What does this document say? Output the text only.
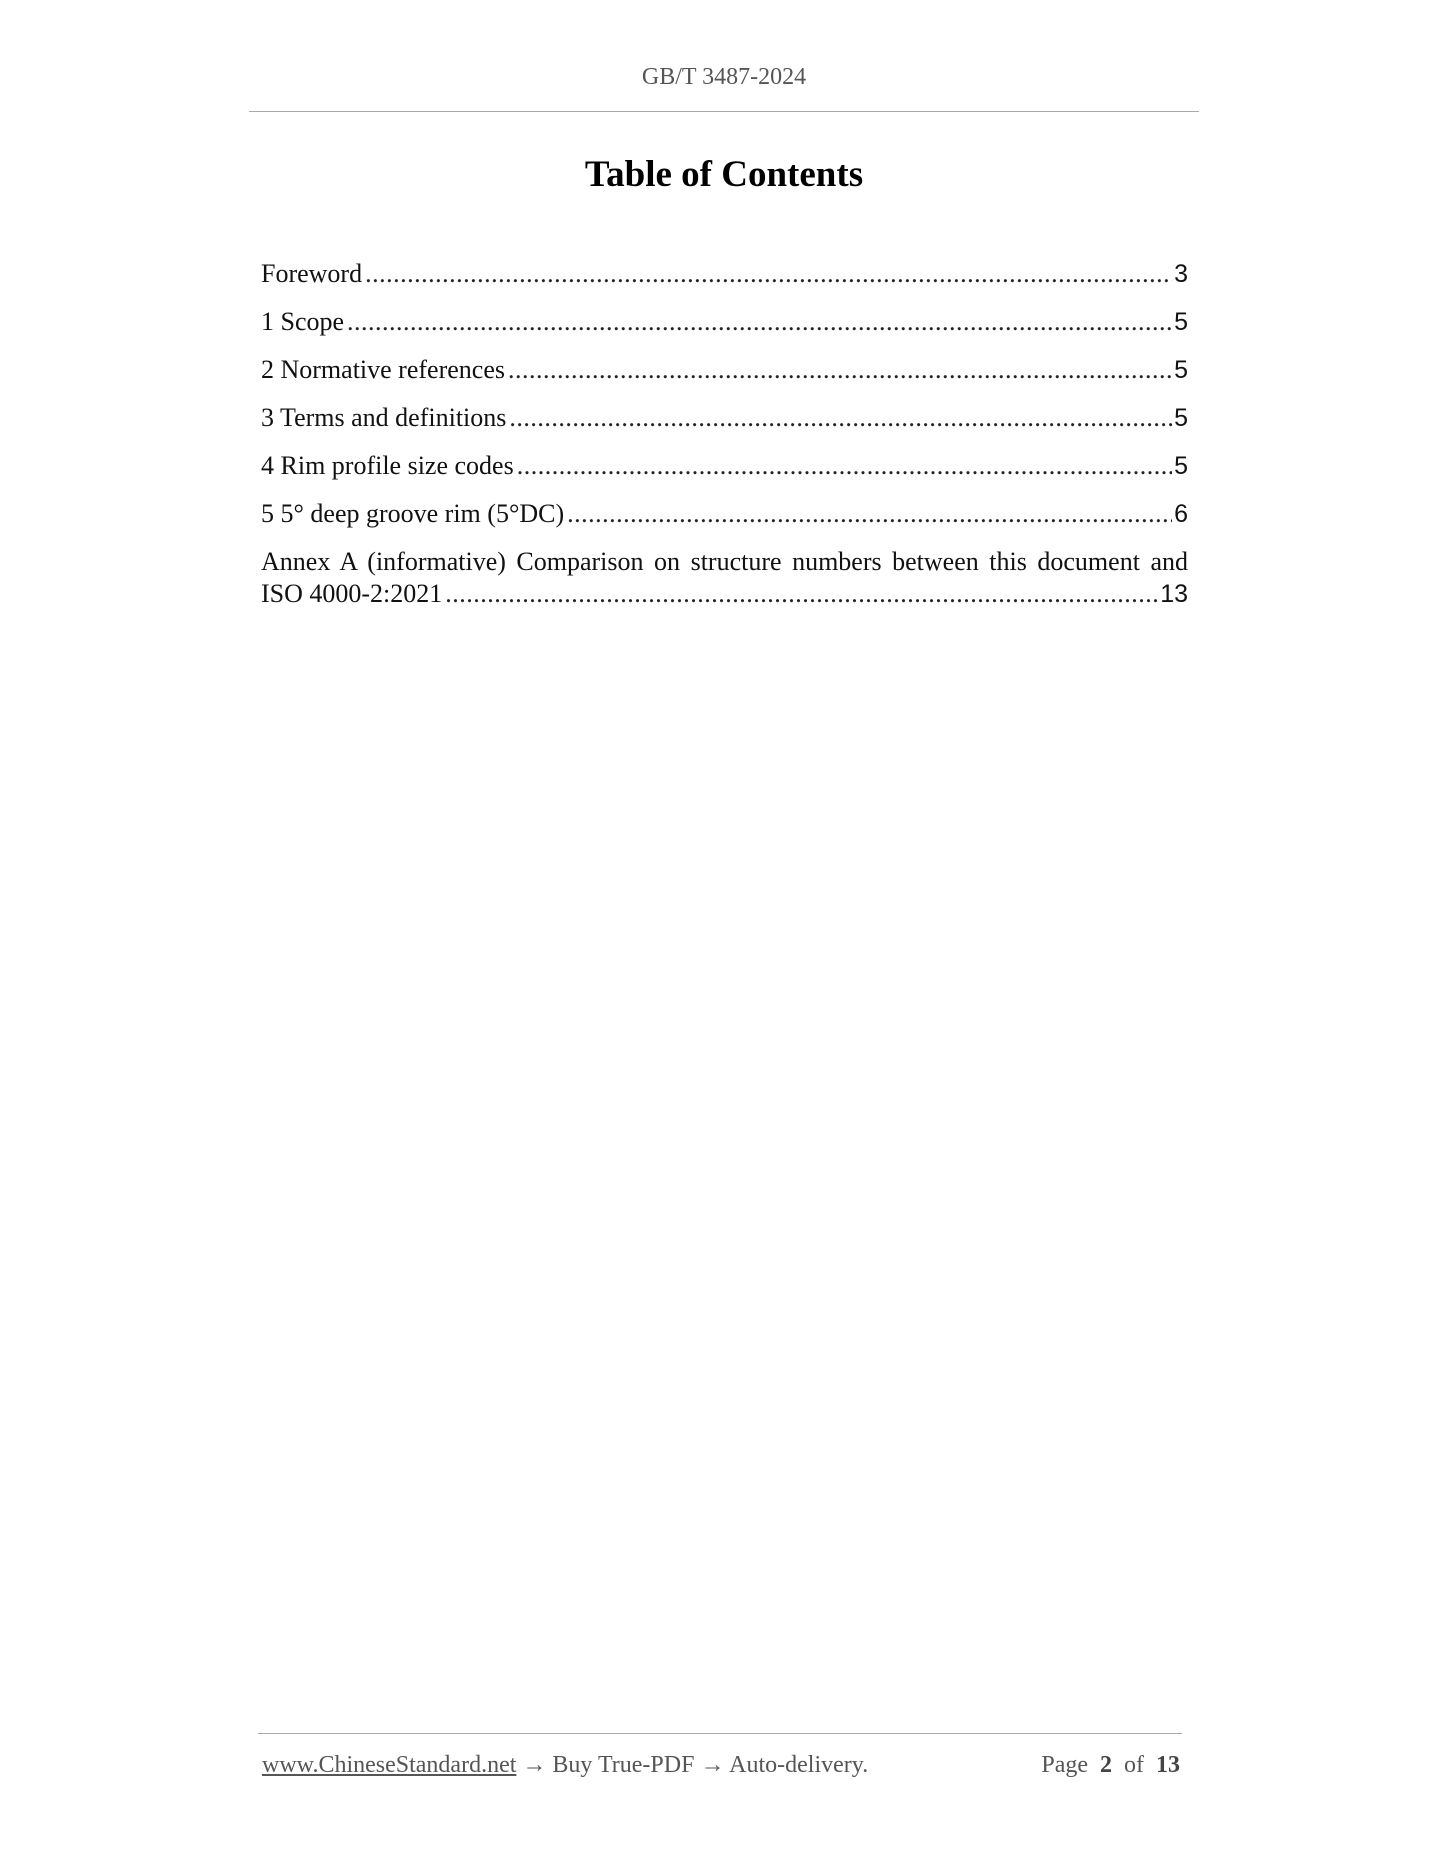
GB/T 3487-2024
Table of Contents
Foreword .....	3
1 Scope .....	5
2 Normative references .....	5
3 Terms and definitions .....	5
4 Rim profile size codes .....	5
5 5° deep groove rim (5°DC) .....	6
Annex A (informative) Comparison on structure numbers between this document and
ISO 4000-2:2021 .....	13
www.ChineseStandard.net → Buy True-PDF → Auto-delivery.	Page 2 of 13
